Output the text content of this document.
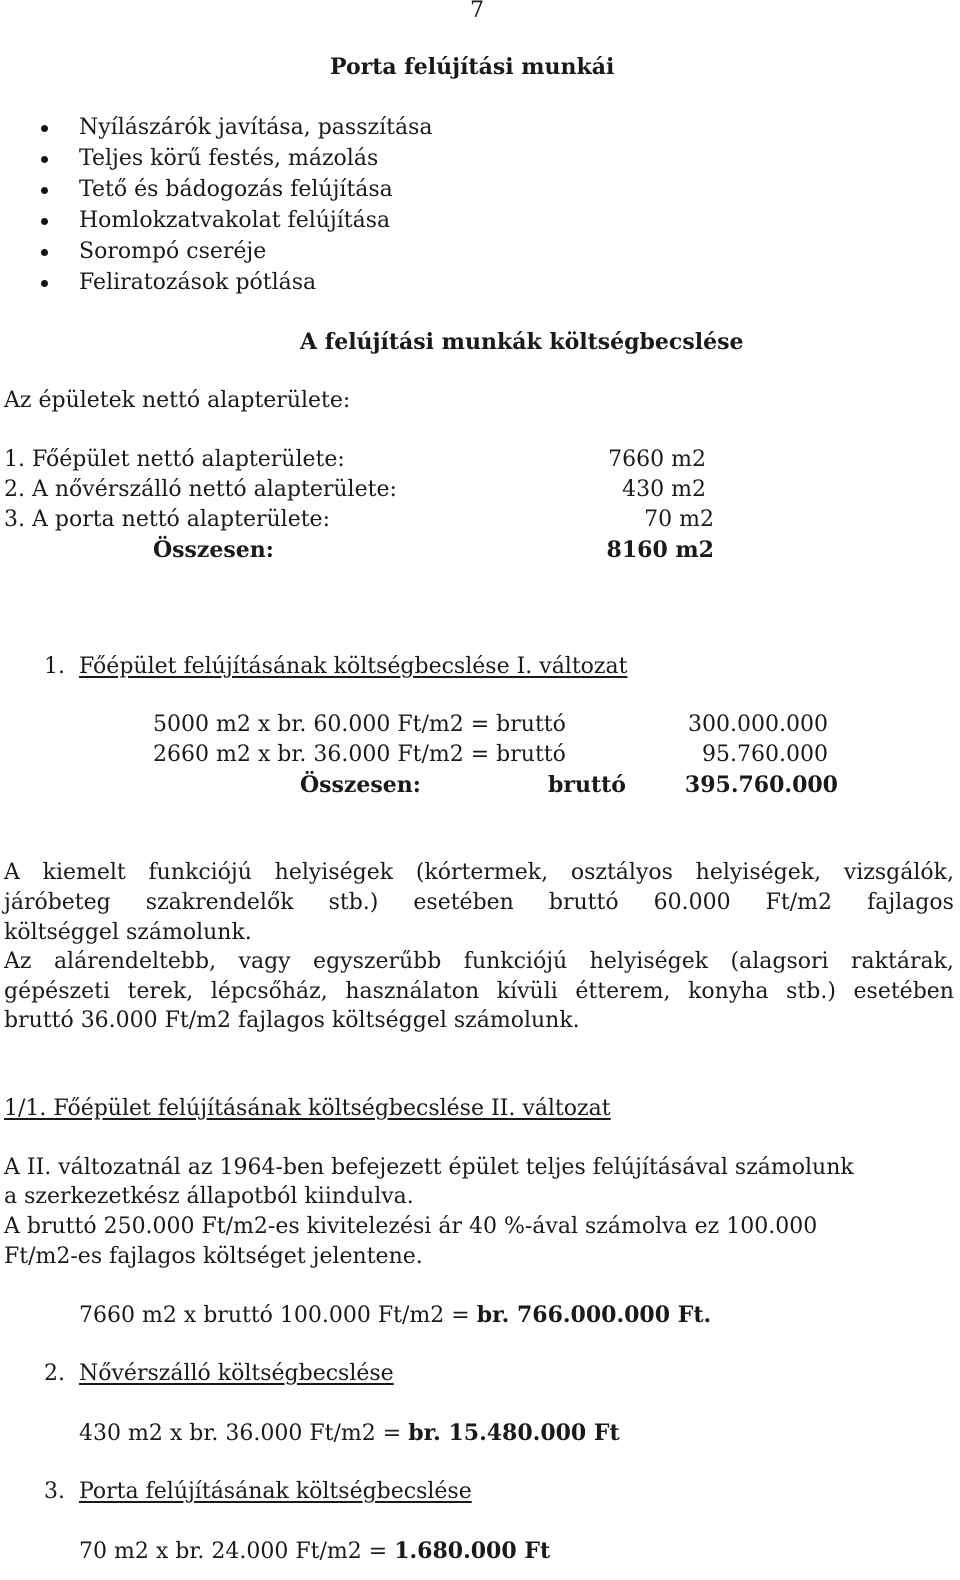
7
Porta felújítási munkái
Nyílászárók javítása, passzítása
Teljes körű festés, mázolás
Tető és bádogozás felújítása
Homlokzatvakolat felújítása
Sorompó cseréje
Feliratozások pótlása
A felújítási munkák költségbecslése
Az épületek nettó alapterülete:
1. Főépület nettó alapterülete:	7660 m2
2. A nővérszálló nettó alapterülete:	430 m2
3. A porta nettó alapterülete:	70 m2
Összesen:	8160 m2
1. Főépület felújításának költségbecslése I. változat
5000 m2 x br. 60.000 Ft/m2 = bruttó	300.000.000
2660 m2 x br. 36.000 Ft/m2 = bruttó	95.760.000
Összesen:	bruttó	395.760.000
A kiemelt funkciójú helyiségek (kórtermek, osztályos helyiségek, vizsgálók,
járóbeteg szakrendelők stb.) esetében bruttó 60.000 Ft/m2 fajlagos
költséggel számolunk.
Az alárendeltebb, vagy egyszerűbb funkciójú helyiségek (alagsori raktárak,
gépészeti terek, lépcsőház, használaton kívüli étterem, konyha stb.) esetében
bruttó 36.000 Ft/m2 fajlagos költséggel számolunk.
1/1. Főépület felújításának költségbecslése II. változat
A II. változatnál az 1964-ben befejezett épület teljes felújításával számolunk
a szerkezetkész állapotból kiindulva.
A bruttó 250.000 Ft/m2-es kivitelezési ár 40 %-ával számolva ez 100.000
Ft/m2-es fajlagos költséget jelentene.
7660 m2 x bruttó 100.000 Ft/m2 = br. 766.000.000 Ft.
2. Nővérszálló költségbecslése
430 m2 x br. 36.000 Ft/m2 = br. 15.480.000 Ft
3. Porta felújításának költségbecslése
70 m2 x br. 24.000 Ft/m2 = 1.680.000 Ft
